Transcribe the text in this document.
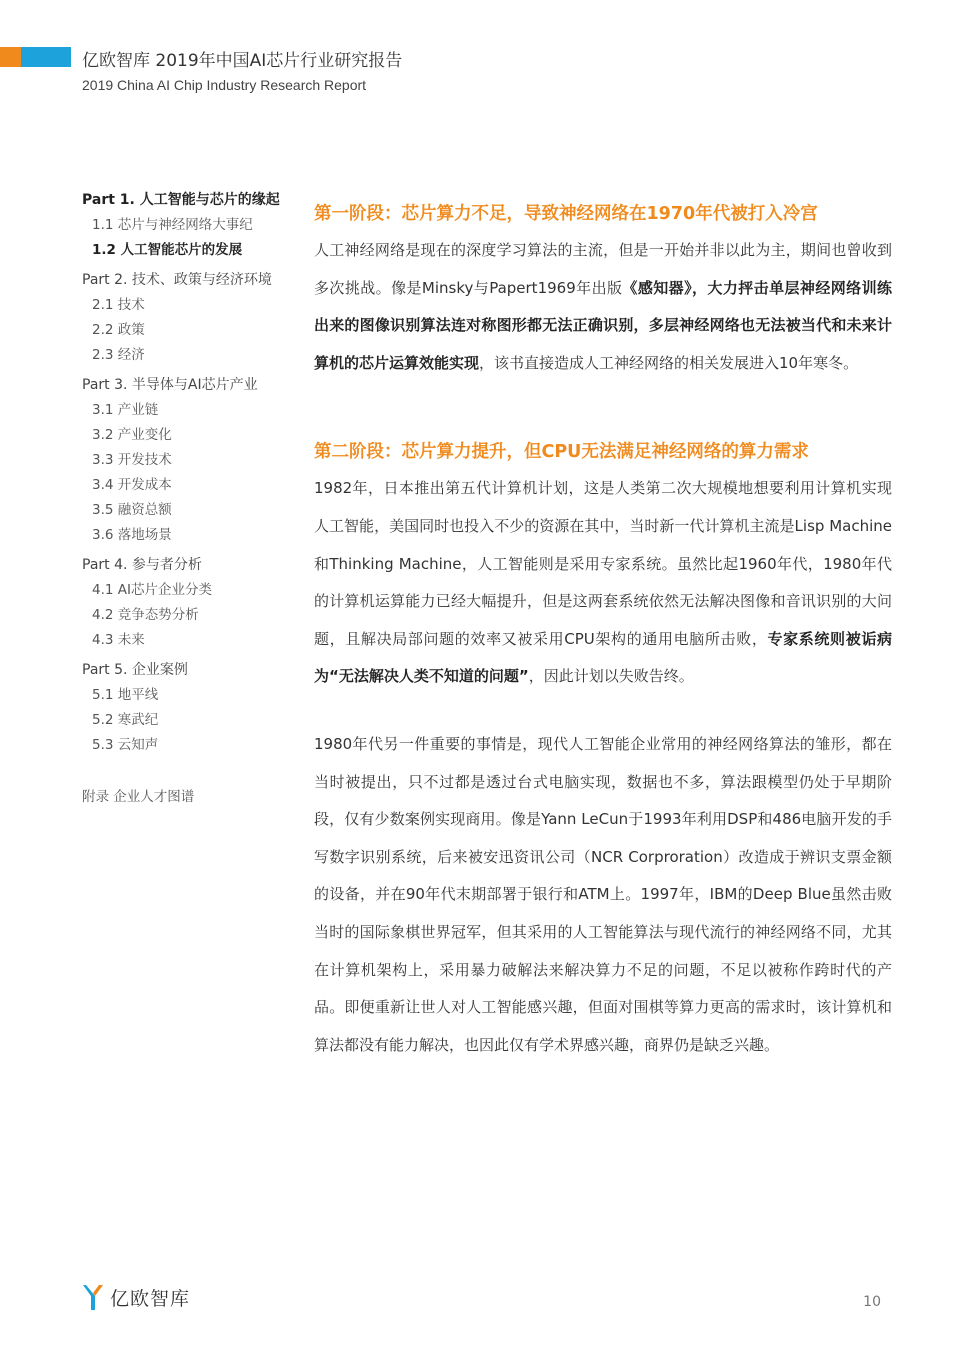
亿欧智库 2019年中国AI芯片行业研究报告
2019 China AI Chip Industry Research Report
Part 1. 人工智能与芯片的缘起
1.1 芯片与神经网络大事纪
1.2 人工智能芯片的发展
Part 2. 技术、政策与经济环境
2.1 技术
2.2 政策
2.3 经济
Part 3. 半导体与AI芯片产业
3.1 产业链
3.2 产业变化
3.3 开发技术
3.4 开发成本
3.5 融资总额
3.6 落地场景
Part 4. 参与者分析
4.1 AI芯片企业分类
4.2 竞争态势分析
4.3 未来
Part 5. 企业案例
5.1 地平线
5.2 寒武纪
5.3 云知声
附录 企业人才图谱
第一阶段：芯片算力不足，导致神经网络在1970年代被打入冷宫

人工神经网络是现在的深度学习算法的主流，但是一开始并非以此为主，期间也曾收到多次挑战。像是Minsky与Papert1969年出版《感知器》，大力抨击单层神经网络训练出来的图像识别算法连对称图形都无法正确识别，多层神经网络也无法被当代和未来计算机的芯片运算效能实现，该书直接造成人工神经网络的相关发展进入10年寒冬。

第二阶段：芯片算力提升，但CPU无法满足神经网络的算力需求

1982年，日本推出第五代计算机计划，这是人类第二次大规模地想要利用计算机实现人工智能，美国同时也投入不少的资源在其中，当时新一代计算机主流是Lisp Machine和Thinking Machine，人工智能则是采用专家系统。虽然比起1960年代，1980年代的计算机运算能力已经大幅提升，但是这两套系统依然无法解决图像和音讯识别的大问题，且解决局部问题的效率又被采用CPU架构的通用电脑所击败，专家系统则被诟病为“无法解决人类不知道的问题”，因此计划以失败告终。

1980年代另一件重要的事情是，现代人工智能企业常用的神经网络算法的雏形，都在当时被提出，只不过都是透过台式电脑实现，数据也不多，算法跟模型仍处于早期阶段，仅有少数案例实现商用。像是Yann LeCun于1993年利用DSP和486电脑开发的手写数字识别系统，后来被安迅资讯公司（NCR Corproration）改造成于辨识支票金额的设备，并在90年代末期部署于银行和ATM上。1997年，IBM的Deep Blue虽然击败当时的国际象棋世界冠军，但其采用的人工智能算法与现代流行的神经网络不同，尤其在计算机架构上，采用暴力破解法来解决算力不足的问题，不足以被称作跨时代的产品。即便重新让世人对人工智能感兴趣，但面对围棋等算力更高的需求时，该计算机和算法都没有能力解决，也因此仅有学术界感兴趣，商界仍是缺乏兴趣。

亿欧智库	10
